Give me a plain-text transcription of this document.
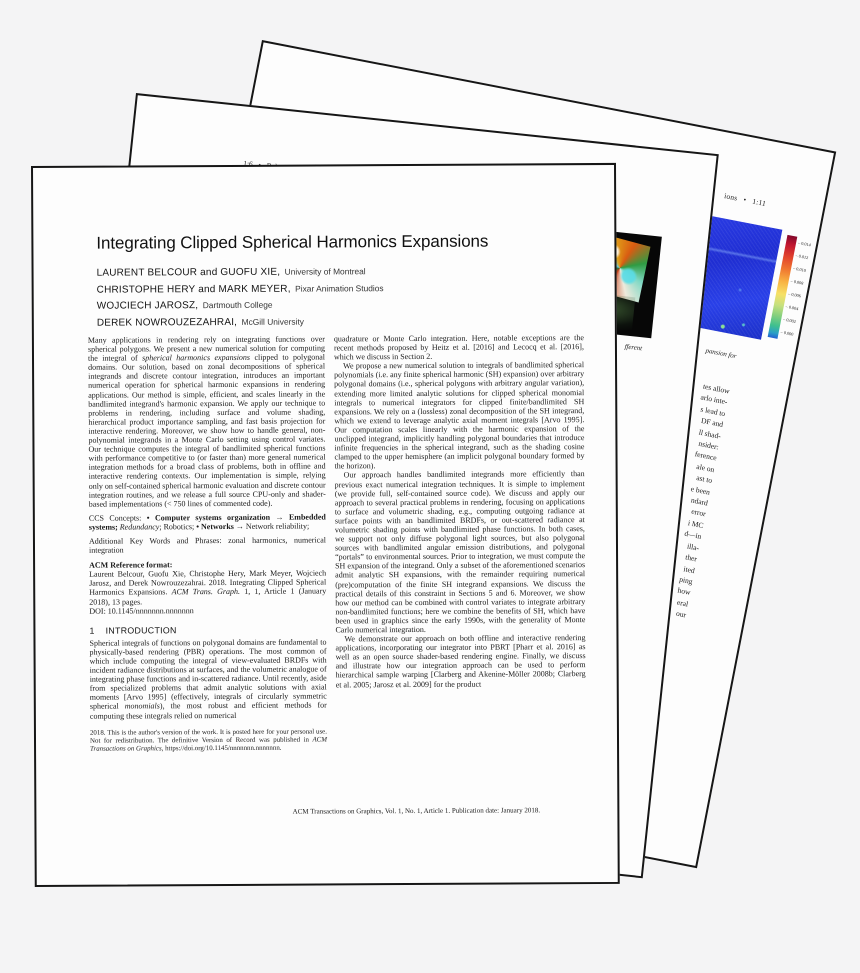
ions   •   1:11
– 0.014
– 0.012
– 0.010
– 0.008
– 0.006
– 0.004
– 0.002
– 0.000
pansion for
tes allow
arlo inte-
s lead to
DF and
ll shad-
nsider:
ference
ale on
ast to
e been
ndard
error
i MC
d—in
illa-
ther
ited
ping
how
eral
our
fferent

Integrating Clipped Spherical Harmonics Expansions
LAURENT BELCOUR and GUOFU XIE, University of Montreal
CHRISTOPHE HERY and MARK MEYER, Pixar Animation Studios
WOJCIECH JAROSZ, Dartmouth College
DEREK NOWROUZEZAHRAI, McGill University

Many applications in rendering rely on integrating functions over spherical polygons. We present a new numerical solution for computing the integral of spherical harmonics expansions clipped to polygonal domains. Our solution, based on zonal decompositions of spherical integrands and discrete contour integration, introduces an important numerical operation for spherical harmonic expansions in rendering applications. Our method is simple, efficient, and scales linearly in the bandlimited integrand's harmonic expansion. We apply our technique to problems in rendering, including surface and volume shading, hierarchical product importance sampling, and fast basis projection for interactive rendering. Moreover, we show how to handle general, non-polynomial integrands in a Monte Carlo setting using control variates. Our technique computes the integral of bandlimited spherical functions with performance competitive to (or faster than) more general numerical integration methods for a broad class of problems, both in offline and interactive rendering contexts. Our implementation is simple, relying only on self-contained spherical harmonic evaluation and discrete contour integration routines, and we release a full source CPU-only and shader-based implementations (< 750 lines of commented code).

CCS Concepts: • Computer systems organization → Embedded systems; Redundancy; Robotics; • Networks → Network reliability;

Additional Key Words and Phrases: zonal harmonics, numerical integration

ACM Reference format:

Laurent Belcour, Guofu Xie, Christophe Hery, Mark Meyer, Wojciech Jarosz, and Derek Nowrouzezahrai. 2018. Integrating Clipped Spherical Harmonics Expansions. ACM Trans. Graph. 1, 1, Article 1 (January 2018), 13 pages.

DOI: 10.1145/nnnnnnn.nnnnnnn

1    INTRODUCTION

Spherical integrals of functions on polygonal domains are fundamental to physically-based rendering (PBR) operations. The most common of which include computing the integral of view-evaluated BRDFs with incident radiance distributions at surfaces, and the volumetric analogue of integrating phase functions and in-scattered radiance. Until recently, aside from specialized problems that admit analytic solutions with axial moments [Arvo 1995] (effectively, integrals of circularly symmetric spherical monomials), the most robust and efficient methods for computing these integrals relied on numerical

2018. This is the author's version of the work. It is posted here for your personal use. Not for redistribution. The definitive Version of Record was published in ACM Transactions on Graphics, https://doi.org/10.1145/nnnnnnn.nnnnnnn.

quadrature or Monte Carlo integration. Here, notable exceptions are the recent methods proposed by Heitz et al. [2016] and Lecocq et al. [2016], which we discuss in Section 2.

We propose a new numerical solution to integrals of bandlimited spherical polynomials (i.e. any finite spherical harmonic (SH) expansion) over arbitrary polygonal domains (i.e., spherical polygons with arbitrary angular variation), extending more limited analytic solutions for clipped spherical monomial integrals to numerical integrators for clipped finite/bandlimited SH expansions. We rely on a (lossless) zonal decomposition of the SH integrand, which we extend to leverage analytic axial moment integrals [Arvo 1995]. Our computation scales linearly with the harmonic expansion of the unclipped integrand, implicitly handling polygonal boundaries that introduce infinite frequencies in the spherical integrand, such as the shading cosine clamped to the upper hemisphere (an implicit polygonal boundary formed by the horizon).

Our approach handles bandlimited integrands more efficiently than previous exact numerical integration techniques. It is simple to implement (we provide full, self-contained source code). We discuss and apply our approach to several practical problems in rendering, focusing on applications to surface and volumetric shading, e.g., computing outgoing radiance at surface points with an bandlimited BRDFs, or out-scattered radiance at volumetric shading points with bandlimited phase functions. In both cases, we support not only diffuse polygonal light sources, but also polygonal sources with bandlimited angular emission distributions, and polygonal “portals” to environmental sources. Prior to integration, we must compute the SH expansion of the integrand. Only a subset of the aforementioned scenarios admit analytic SH expansions, with the remainder requiring numerical (pre)computation of the finite SH integrand expansions. We discuss the practical details of this constraint in Sections 5 and 6. Moreover, we show how our method can be combined with control variates to integrate arbitrary non-bandlimited functions; here we combine the benefits of SH, which have been used in graphics since the early 1990s, with the generality of Monte Carlo numerical integration.

We demonstrate our approach on both offline and interactive rendering applications, incorporating our integrator into PBRT [Pharr et al. 2016] as well as an open source shader-based rendering engine. Finally, we discuss and illustrate how our integration approach can be used to perform hierarchical sample warping [Clarberg and Akenine-Möller 2008b; Clarberg et al. 2005; Jarosz et al. 2009] for the product

ACM Transactions on Graphics, Vol. 1, No. 1, Article 1. Publication date: January 2018.
